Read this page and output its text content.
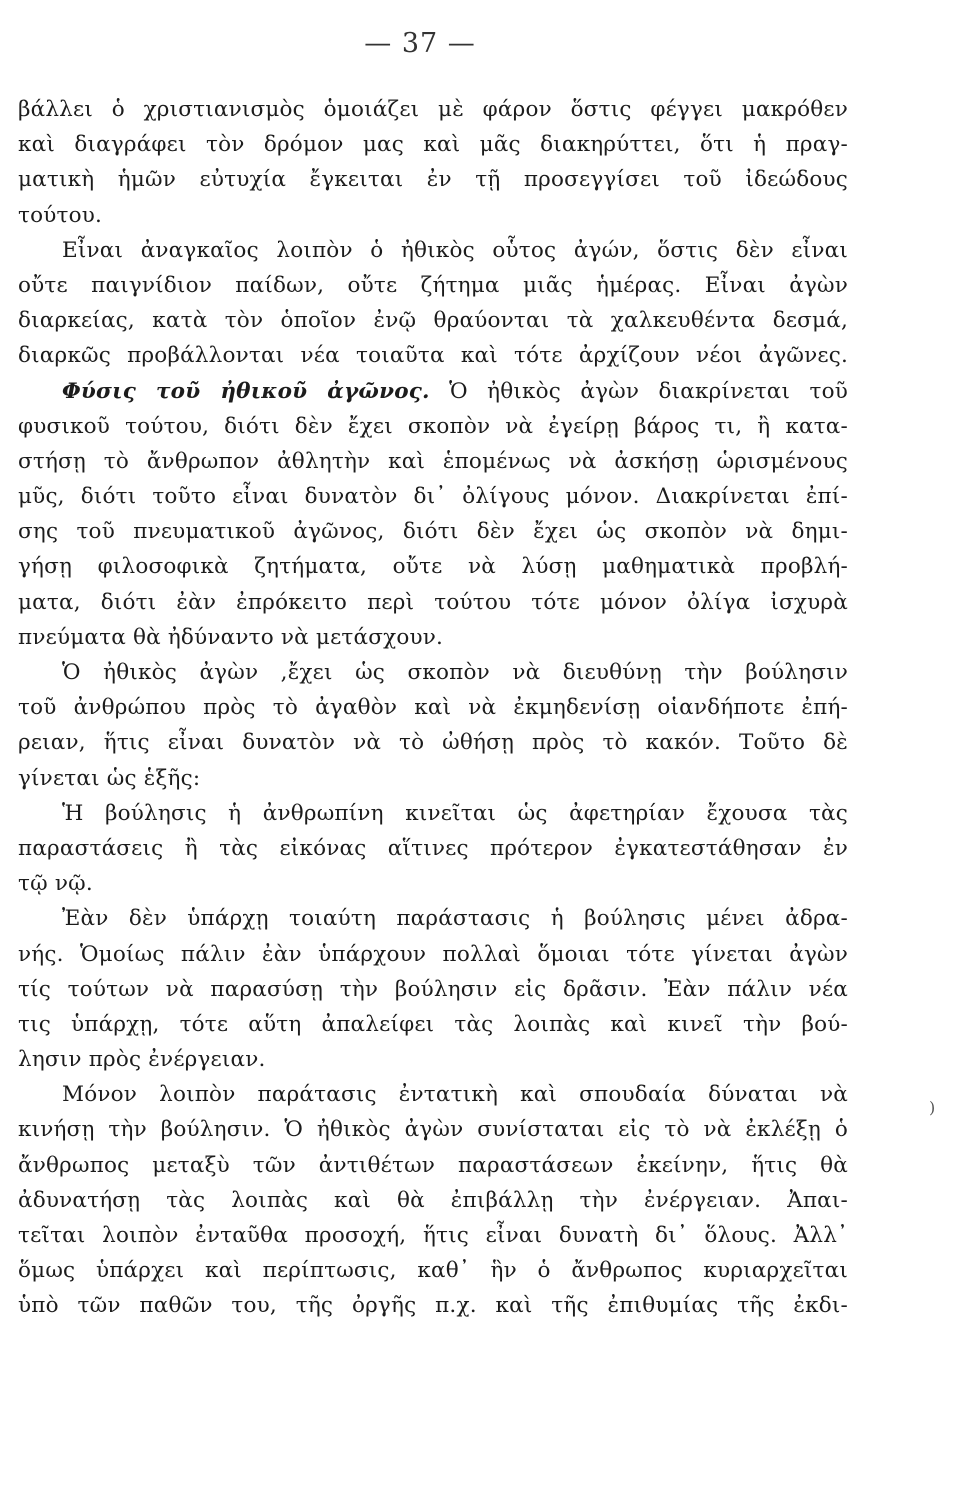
— 37 —
βάλλει ὁ χριστιανισμὸς ὁμοιάζει μὲ φάρον ὅστις φέγγει μακρόθεν
καὶ διαγράφει τὸν δρόμον μας καὶ μᾶς διακηρύττει, ὅτι ἡ πραγ-
ματικὴ ἡμῶν εὐτυχία ἔγκειται ἐν τῇ προσεγγίσει τοῦ ἰδεώδους
τούτου.
Εἶναι ἀναγκαῖος λοιπὸν ὁ ἠθικὸς οὗτος ἀγών, ὅστις δὲν εἶναι
οὔτε παιγνίδιον παίδων, οὔτε ζήτημα μιᾶς ἡμέρας. Εἶναι ἀγὼν
διαρκείας, κατὰ τὸν ὁποῖον ἐνῷ θραύονται τὰ χαλκευθέντα δεσμά,
διαρκῶς προβάλλονται νέα τοιαῦτα καὶ τότε ἀρχίζουν νέοι ἀγῶνες.
Φύσις τοῦ ἠθικοῦ ἀγῶνος. Ὁ ἠθικὸς ἀγὼν διακρίνεται τοῦ
φυσικοῦ τούτου, διότι δὲν ἔχει σκοπὸν νὰ ἐγείρῃ βάρος τι, ἢ κατα-
στήσῃ τὸ ἄνθρωπον ἀθλητὴν καὶ ἑπομένως νὰ ἀσκήσῃ ὡρισμένους
μῦς, διότι τοῦτο εἶναι δυνατὸν δι᾽ ὀλίγους μόνον. Διακρίνεται ἐπί-
σης τοῦ πνευματικοῦ ἀγῶνος, διότι δὲν ἔχει ὡς σκοπὸν νὰ δημι-
γήσῃ φιλοσοφικὰ ζητήματα, οὔτε νὰ λύσῃ μαθηματικὰ προβλή-
ματα, διότι ἐὰν ἐπρόκειτο περὶ τούτου τότε μόνον ὀλίγα ἰσχυρὰ
πνεύματα θὰ ἠδύναντο νὰ μετάσχουν.
Ὁ ἠθικὸς ἀγὼν ,ἔχει ὡς σκοπὸν νὰ διευθύνῃ τὴν βούλησιν
τοῦ ἀνθρώπου πρὸς τὸ ἀγαθὸν καὶ νὰ ἐκμηδενίσῃ οἱανδήποτε ἐπή-
ρειαν, ἥτις εἶναι δυνατὸν νὰ τὸ ὠθήσῃ πρὸς τὸ κακόν. Τοῦτο δὲ
γίνεται ὡς ἑξῆς:
Ἡ βούλησις ἡ ἀνθρωπίνη κινεῖται ὡς ἀφετηρίαν ἔχουσα τὰς
παραστάσεις ἢ τὰς εἰκόνας αἵτινες πρότερον ἐγκατεστάθησαν ἐν
τῷ νῷ.
Ἐὰν δὲν ὑπάρχῃ τοιαύτη παράστασις ἡ βούλησις μένει ἀδρα-
νής. Ὁμοίως πάλιν ἐὰν ὑπάρχουν πολλαὶ ὅμοιαι τότε γίνεται ἀγὼν
τίς τούτων νὰ παρασύσῃ τὴν βούλησιν εἰς δρᾶσιν. Ἐὰν πάλιν νέα
τις ὑπάρχῃ, τότε αὕτη ἀπαλείφει τὰς λοιπὰς καὶ κινεῖ τὴν βού-
λησιν πρὸς ἐνέργειαν.
Μόνον λοιπὸν παράτασις ἐντατικὴ καὶ σπουδαία δύναται νὰ
κινήσῃ τὴν βούλησιν. Ὁ ἠθικὸς ἀγὼν συνίσταται εἰς τὸ νὰ ἐκλέξῃ ὁ
ἄνθρωπος μεταξὺ τῶν ἀντιθέτων παραστάσεων ἐκείνην, ἥτις θὰ
ἀδυνατήσῃ τὰς λοιπὰς καὶ θὰ ἐπιβάλλῃ τὴν ἐνέργειαν. Ἀπαι-
τεῖται λοιπὸν ἐνταῦθα προσοχή, ἥτις εἶναι δυνατὴ δι᾽ ὅλους. Ἀλλ᾽
ὅμως ὑπάρχει καὶ περίπτωσις, καθ᾽ ἣν ὁ ἄνθρωπος κυριαρχεῖται
ὑπὸ τῶν παθῶν του, τῆς ὀργῆς π.χ. καὶ τῆς ἐπιθυμίας τῆς ἐκδι-
)
